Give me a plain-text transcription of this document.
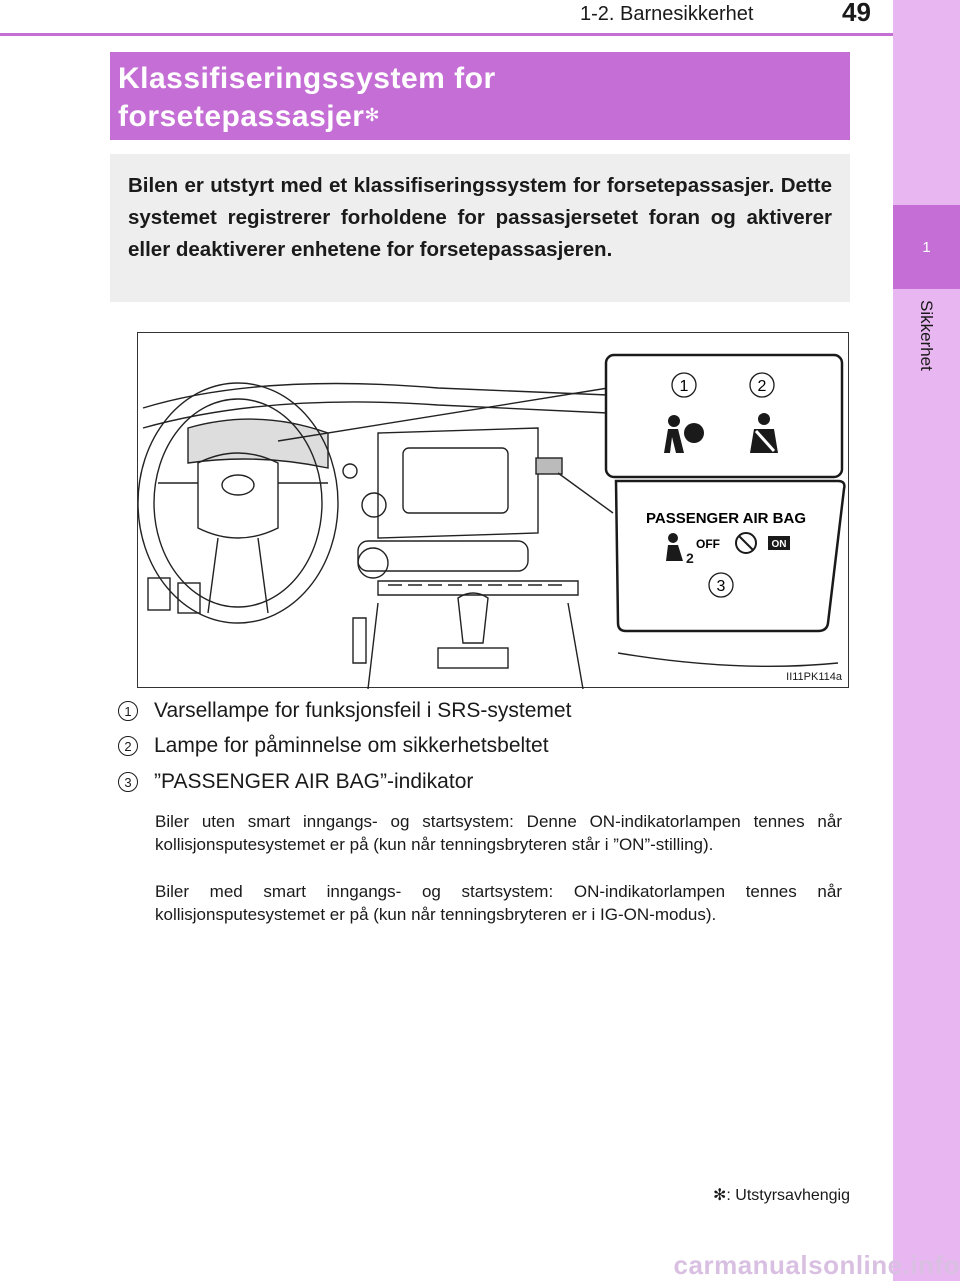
1-2. Barnesikkerhet	49
1
Sikkerhet
Klassifiseringssystem for
forsetepassasjer✻
Bilen er utstyrt med et klassifiseringssystem for forsetepassasjer. Dette systemet registrerer forholdene for passasjersetet foran og aktiverer eller deaktiverer enhetene for forsetepassasjeren.
1	2
PASSENGER AIR BAG
2
OFF	ON
3
II11PK114a
1	Varsellampe for funksjonsfeil i SRS-systemet
2	Lampe for påminnelse om sikkerhetsbeltet
3	”PASSENGER AIR BAG”-indikator
Biler uten smart inngangs- og startsystem: Denne ON-indikatorlampen tennes når kollisjonsputesystemet er på (kun når tenningsbryteren står i ”ON”-stilling).
Biler med smart inngangs- og startsystem: ON-indikatorlampen tennes når kollisjonsputesystemet er på (kun når tenningsbryteren er i IG-ON-modus).
✻: Utstyrsavhengig
carmanualsonline.info
